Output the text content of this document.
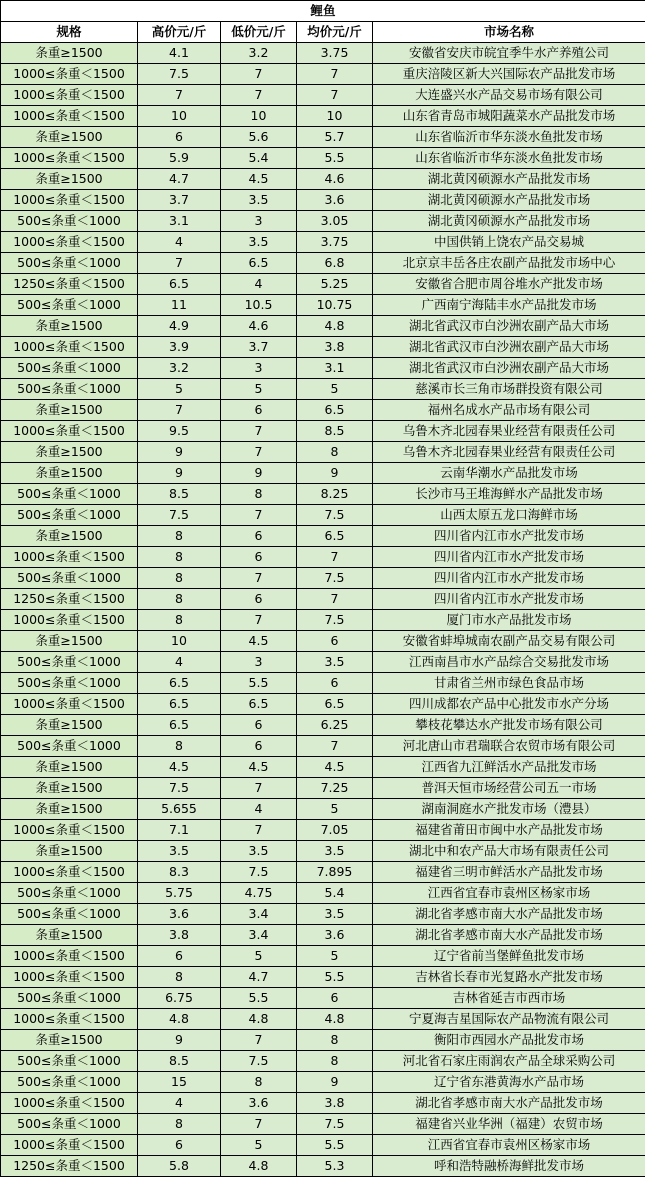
鲤鱼				
规格	高价元/斤	低价元/斤	均价元/斤	市场名称
条重≥1500	4.1	3.2	3.75	安徽省安庆市皖宜季牛水产养殖公司
1000≤条重＜1500	7.5	7	7	重庆涪陵区新大兴国际农产品批发市场
1000≤条重＜1500	7	7	7	大连盛兴水产品交易市场有限公司
1000≤条重＜1500	10	10	10	山东省青岛市城阳蔬菜水产品批发市场
条重≥1500	6	5.6	5.7	山东省临沂市华东淡水鱼批发市场
1000≤条重＜1500	5.9	5.4	5.5	山东省临沂市华东淡水鱼批发市场
条重≥1500	4.7	4.5	4.6	湖北黄冈硕源水产品批发市场
1000≤条重＜1500	3.7	3.5	3.6	湖北黄冈硕源水产品批发市场
500≤条重＜1000	3.1	3	3.05	湖北黄冈硕源水产品批发市场
1000≤条重＜1500	4	3.5	3.75	中国供销上饶农产品交易城
500≤条重＜1000	7	6.5	6.8	北京京丰岳各庄农副产品批发市场中心
1250≤条重＜1500	6.5	4	5.25	安徽省合肥市周谷堆水产批发市场
500≤条重＜1000	11	10.5	10.75	广西南宁海陆丰水产品批发市场
条重≥1500	4.9	4.6	4.8	湖北省武汉市白沙洲农副产品大市场
1000≤条重＜1500	3.9	3.7	3.8	湖北省武汉市白沙洲农副产品大市场
500≤条重＜1000	3.2	3	3.1	湖北省武汉市白沙洲农副产品大市场
500≤条重＜1000	5	5	5	慈溪市长三角市场群投资有限公司
条重≥1500	7	6	6.5	福州名成水产品市场有限公司
1000≤条重＜1500	9.5	7	8.5	乌鲁木齐北园春果业经营有限责任公司
条重≥1500	9	7	8	乌鲁木齐北园春果业经营有限责任公司
条重≥1500	9	9	9	云南华潮水产品批发市场
500≤条重＜1000	8.5	8	8.25	长沙市马王堆海鲜水产品批发市场
500≤条重＜1000	7.5	7	7.5	山西太原五龙口海鲜市场
条重≥1500	8	6	6.5	四川省内江市水产批发市场
1000≤条重＜1500	8	6	7	四川省内江市水产批发市场
500≤条重＜1000	8	7	7.5	四川省内江市水产批发市场
1250≤条重＜1500	8	6	7	四川省内江市水产批发市场
1000≤条重＜1500	8	7	7.5	厦门市水产品批发市场
条重≥1500	10	4.5	6	安徽省蚌埠城南农副产品交易有限公司
500≤条重＜1000	4	3	3.5	江西南昌市水产品综合交易批发市场
500≤条重＜1000	6.5	5.5	6	甘肃省兰州市绿色食品市场
1000≤条重＜1500	6.5	6.5	6.5	四川成都农产品中心批发市水产分场
条重≥1500	6.5	6	6.25	攀枝花攀达水产批发市场有限公司
500≤条重＜1000	8	6	7	河北唐山市君瑞联合农贸市场有限公司
条重≥1500	4.5	4.5	4.5	江西省九江鲜活水产品批发市场
条重≥1500	7.5	7	7.25	普洱天恒市场经营公司五一市场
条重≥1500	5.655	4	5	湖南洞庭水产批发市场（澧县）
1000≤条重＜1500	7.1	7	7.05	福建省莆田市闽中水产品批发市场
条重≥1500	3.5	3.5	3.5	湖北中和农产品大市场有限责任公司
1000≤条重＜1500	8.3	7.5	7.895	福建省三明市鲜活水产品批发市场
500≤条重＜1000	5.75	4.75	5.4	江西省宜春市袁州区杨家市场
500≤条重＜1000	3.6	3.4	3.5	湖北省孝感市南大水产品批发市场
条重≥1500	3.8	3.4	3.6	湖北省孝感市南大水产品批发市场
1000≤条重＜1500	6	5	5	辽宁省前当堡鲜鱼批发市场
1000≤条重＜1500	8	4.7	5.5	吉林省长春市光复路水产批发市场
500≤条重＜1000	6.75	5.5	6	吉林省延吉市西市场
1000≤条重＜1500	4.8	4.8	4.8	宁夏海吉星国际农产品物流有限公司
条重≥1500	9	7	8	衡阳市西园水产品批发市场
500≤条重＜1000	8.5	7.5	8	河北省石家庄雨润农产品全球采购公司
500≤条重＜1000	15	8	9	辽宁省东港黄海水产品市场
1000≤条重＜1500	4	3.6	3.8	湖北省孝感市南大水产品批发市场
500≤条重＜1000	8	7	7.5	福建省兴业华洲（福建）农贸市场
1000≤条重＜1500	6	5	5.5	江西省宜春市袁州区杨家市场
1250≤条重＜1500	5.8	4.8	5.3	呼和浩特融桥海鲜批发市场
